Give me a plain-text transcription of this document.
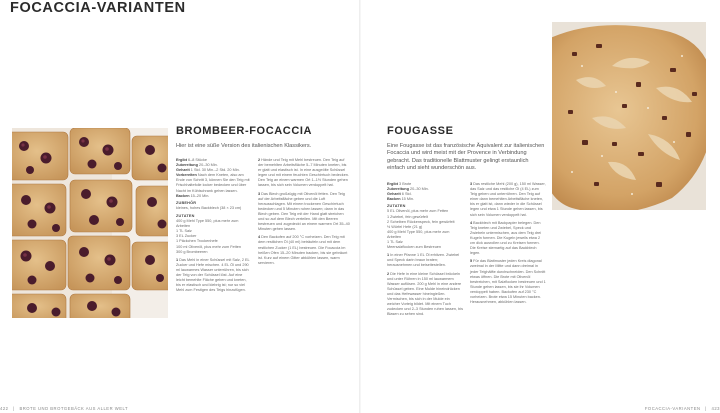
FOCACCIA-VARIANTEN
BROMBEER-FOCACCIA
Hier ist eine süße Version des italienischen Klassikers.

Ergibt 6–8 Stücke

Zubereitung 20–30 Min.

Gehzeit 1 Std. 30 Min.–2 Std. 20 Min.

Vorbereiten Nach dem Kneten, also am Ende von Schritt 3, können Sie den Teig mit Frischhaltefolie locker bedecken und über Nacht im Kühlschrank gehen lassen.

Backen 15–20 Min.

ZUBEHÖR

kleines, hohes Backblech (38 × 23 cm)

ZUTATEN
400 g Mehl Type 550, plus mehr zum Arbeiten
1 TL Salz
3 EL Zucker
1 Päckchen Trockenhefe
100 ml Olivenöl, plus mehr zum Fetten
300 g Brombeeren

1 Das Mehl in einer Schüssel mit Salz, 2 EL Zucker und Hefe mischen. 4 EL Öl und 290 ml lauwarmes Wasser unterrühren, bis sich der Teig von der Schüssel löst. Auf eine leicht bemehlte Fläche geben und kneten, bis er elastisch und klebrig ist; nur so viel Mehl zum Festigen des Teigs hinzufügen.

2 Hände und Teig mit Mehl bestreuen. Den Teig auf der bemehlten Arbeitsfläche 5–7 Minuten kneten, bis er glatt und elastisch ist. In eine ausgeölte Schüssel legen und mit einem feuchten Geschirrtuch bedecken. Den Teig an einem warmen Ort 1–1½ Stunden gehen lassen, bis sich sein Volumen verdoppelt hat.

3 Das Blech großzügig mit Olivenöl fetten. Den Teig auf der Arbeitsfläche geben und die Luft herausschlagen. Mit einem trockenen Geschirrtuch bedecken und 5 Minuten ruhen lassen; dann in das Blech geben. Den Teig mit der Hand glatt streichen und so auf dem Blech verteilen. Mit den Beeren bestreuen und zugedeckt an einem warmen Ort 35–40 Minuten gehen lassen.

4 Den Backofen auf 200 °C vorheizen. Den Teig mit dem restlichen Öl (40 ml) beträufeln und mit dem restlichen Zucker (1 EL) bestreuen. Die Focaccia im heißen Ofen 15–20 Minuten backen, bis sie gebräunt ist. Kurz auf einem Gitter abkühlen lassen, warm servieren.

FOUGASSE
Eine Fougasse ist das französische Äquivalent zur italienischen Focaccia und wird meist mit der Provence in Verbindung gebracht. Das traditionelle Blattmuster gelingt erstaunlich einfach und sieht wunderschön aus.

Ergibt 3 Brote

Zubereitung 20–30 Min.

Gehzeit 6 Std.

Backen 15 Min.

ZUTATEN
5 EL Olivenöl, plus mehr zum Fetten
1 Zwiebel, fein gewürfelt
2 Scheiben Rückenspeck, fein gewürfelt
½ Würfel Hefe (21 g)
400 g Mehl Type 550, plus mehr zum Arbeiten
1 TL Salz
Meersalzflocken zum Bestreuen

1 In einer Pfanne 1 EL Öl erhitzen. Zwiebel und Speck darin braun braten; herausnehmen und beiseitestellen.

2 Die Hefe in eine kleine Schüssel bröckeln und unter Rühren in 150 ml lauwarmem Wasser auflösen. 200 g Mehl in eine andere Schüssel geben. Eine Mulde hineindrücken und das Hefewasser hineingießen. Vermischen, bis sich in der Mulde ein weicher Vorteig bildet. Mit einem Tuch zudecken und 2–3 Stunden ruhen lassen, bis Blasen zu sehen sind.

3 Das restliche Mehl (200 g), 150 ml Wasser, das Salz und das restliche Öl (4 EL) zum Teig geben und unterrühren. Den Teig auf einer dann bemehlten Arbeitsfläche kneten, bis er glatt ist, dann wieder in die Schüssel legen und etwa 1 Stunde gehen lassen, bis sich sein Volumen verdoppelt hat.

4 Backblech mit Backpapier belegen. Den Teig kneten und Zwiebel, Speck und Zwiebeln untermischen, aus dem Teig drei Kugeln formen. Die Kugeln jeweils etwa 2 cm dick ausrollen und zu Kreisen formen. Die Kreise sternartig auf das Backblech legen.

5 Für das Blattmuster jeden Kreis diagonal zweimal in der Mitte und dann dreimal in jeder Teighälfte durchschneiden. Den Schnitt etwas öffnen. Die Brote mit Olivenöl bestreichen, mit Salzflocken bestreuen und 1 Stunde gehen lassen, bis sie ihr Volumen verdoppelt haben. Backofen auf 230 °C vorheizen. Brote etwa 15 Minuten backen. Herausnehmen, abkühlen lassen.

422 | BROTE UND BROTGEBÄCK AUS ALLER WELT	FOCACCIA-VARIANTEN | 423
